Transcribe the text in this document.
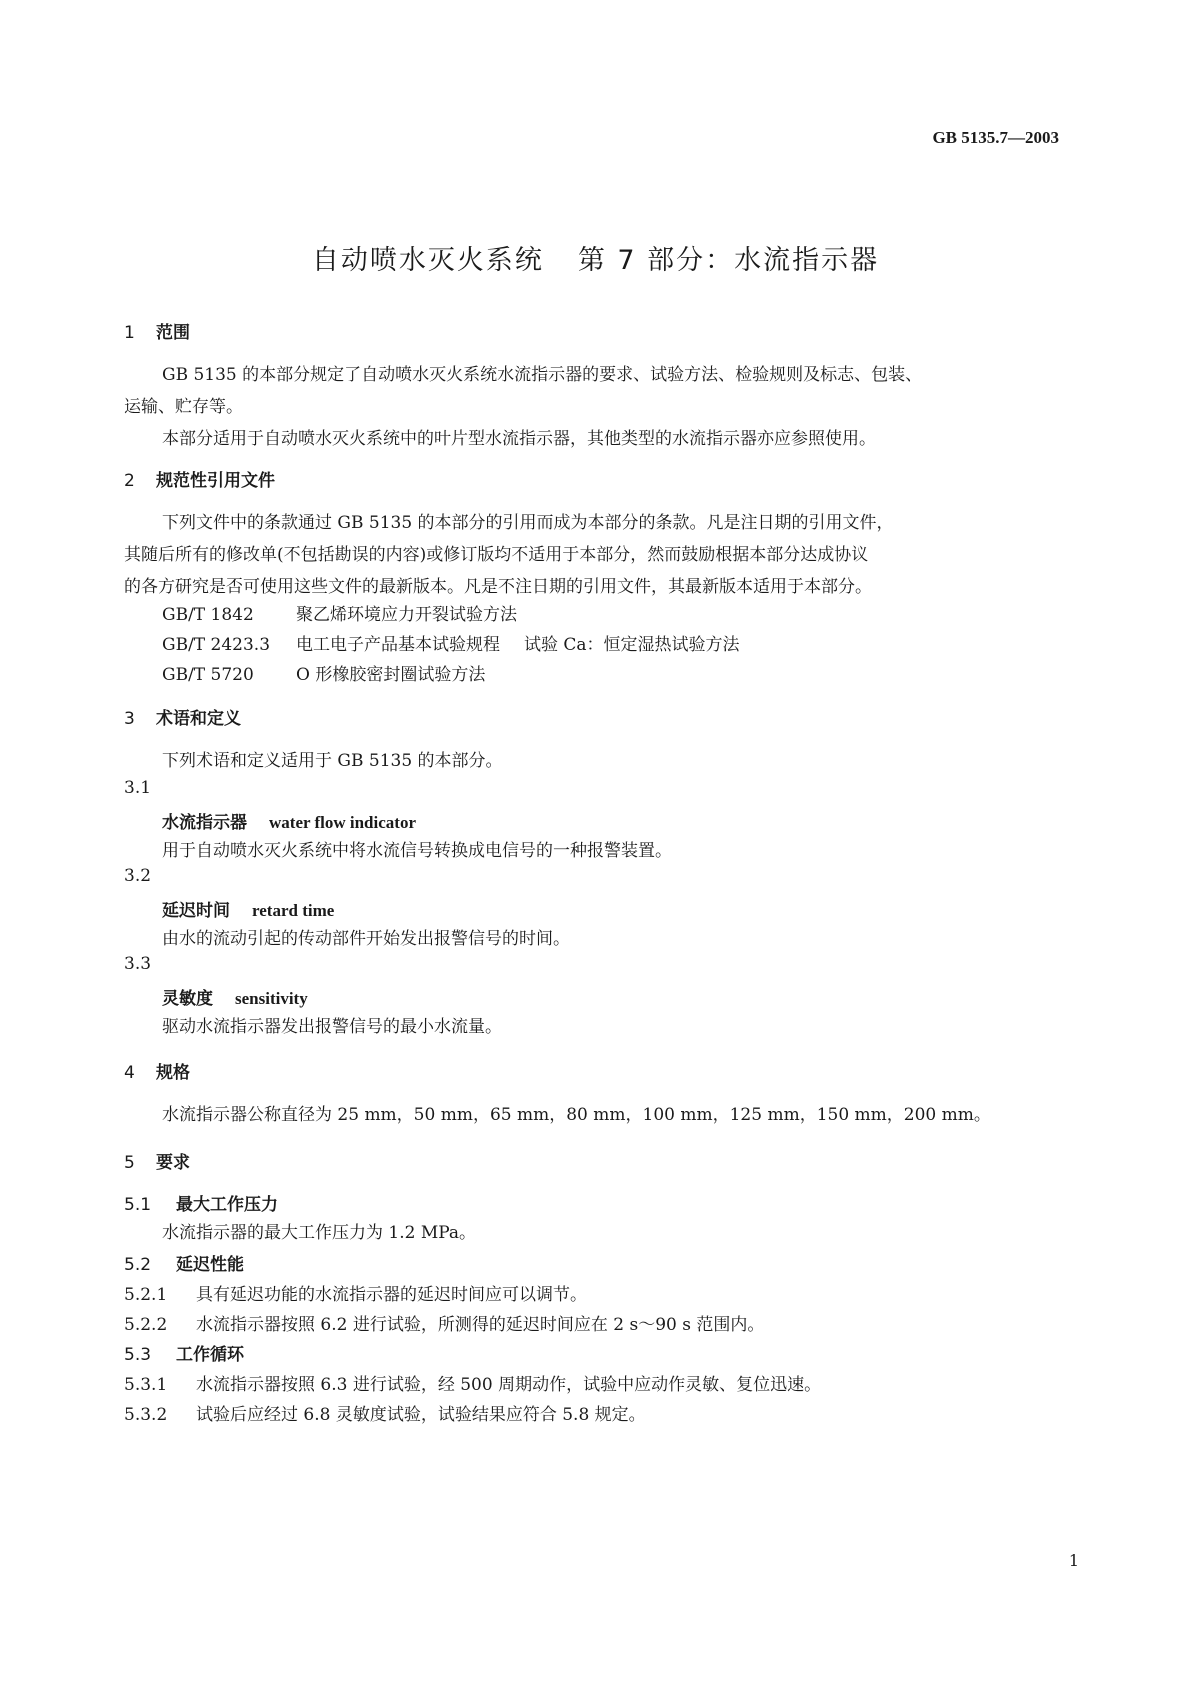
GB 5135.7—2003
自动喷水灭火系统 第 7 部分：水流指示器
1 范围
GB 5135 的本部分规定了自动喷水灭火系统水流指示器的要求、试验方法、检验规则及标志、包装、
运输、贮存等。
本部分适用于自动喷水灭火系统中的叶片型水流指示器，其他类型的水流指示器亦应参照使用。
2 规范性引用文件
下列文件中的条款通过 GB 5135 的本部分的引用而成为本部分的条款。凡是注日期的引用文件，
其随后所有的修改单(不包括勘误的内容)或修订版均不适用于本部分，然而鼓励根据本部分达成协议
的各方研究是否可使用这些文件的最新版本。凡是不注日期的引用文件，其最新版本适用于本部分。
GB/T 1842 聚乙烯环境应力开裂试验方法
GB/T 2423.3 电工电子产品基本试验规程 试验 Ca：恒定湿热试验方法
GB/T 5720 O 形橡胶密封圈试验方法
3 术语和定义
下列术语和定义适用于 GB 5135 的本部分。
3.1
水流指示器 water flow indicator
用于自动喷水灭火系统中将水流信号转换成电信号的一种报警装置。
3.2
延迟时间 retard time
由水的流动引起的传动部件开始发出报警信号的时间。
3.3
灵敏度 sensitivity
驱动水流指示器发出报警信号的最小水流量。
4 规格
水流指示器公称直径为 25 mm，50 mm，65 mm，80 mm，100 mm，125 mm，150 mm，200 mm。
5 要求
5.1 最大工作压力
水流指示器的最大工作压力为 1.2 MPa。
5.2 延迟性能
5.2.1 具有延迟功能的水流指示器的延迟时间应可以调节。
5.2.2 水流指示器按照 6.2 进行试验，所测得的延迟时间应在 2 s～90 s 范围内。
5.3 工作循环
5.3.1 水流指示器按照 6.3 进行试验，经 500 周期动作，试验中应动作灵敏、复位迅速。
5.3.2 试验后应经过 6.8 灵敏度试验，试验结果应符合 5.8 规定。
1
